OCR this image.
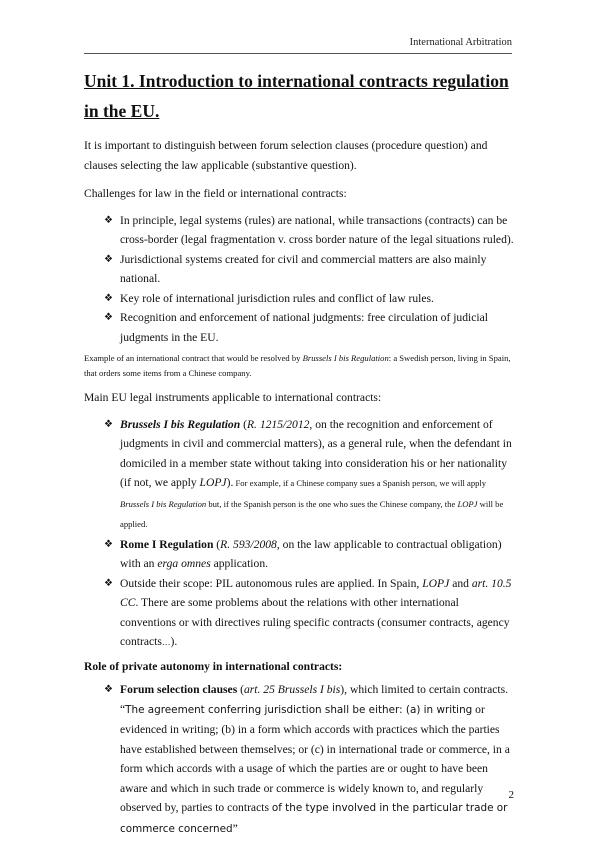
International Arbitration
Unit 1. Introduction to international contracts regulation in the EU.

It is important to distinguish between forum selection clauses (procedure question) and clauses selecting the law applicable (substantive question).

Challenges for law in the field or international contracts:

❖ In principle, legal systems (rules) are national, while transactions (contracts) can be cross-border (legal fragmentation v. cross border nature of the legal situations ruled).
❖ Jurisdictional systems created for civil and commercial matters are also mainly national.
❖ Key role of international jurisdiction rules and conflict of law rules.
❖ Recognition and enforcement of national judgments: free circulation of judicial judgments in the EU.

Example of an international contract that would be resolved by Brussels I bis Regulation: a Swedish person, living in Spain, that orders some items from a Chinese company.

Main EU legal instruments applicable to international contracts:

❖ Brussels I bis Regulation (R. 1215/2012, on the recognition and enforcement of judgments in civil and commercial matters), as a general rule, when the defendant in domiciled in a member state without taking into consideration his or her nationality (if not, we apply LOPJ). For example, if a Chinese company sues a Spanish person, we will apply Brussels I bis Regulation but, if the Spanish person is the one who sues the Chinese company, the LOPJ will be applied.
❖ Rome I Regulation (R. 593/2008, on the law applicable to contractual obligation) with an erga omnes application.
❖ Outside their scope: PIL autonomous rules are applied. In Spain, LOPJ and art. 10.5 CC. There are some problems about the relations with other international conventions or with directives ruling specific contracts (consumer contracts, agency contracts…).

Role of private autonomy in international contracts:

❖ Forum selection clauses (art. 25 Brussels I bis), which limited to certain contracts.
“The agreement conferring jurisdiction shall be either: (a) in writing or evidenced in writing; (b) in a form which accords with practices which the parties have established between themselves; or (c) in international trade or commerce, in a form which accords with a usage of which the parties are or ought to have been aware and which in such trade or commerce is widely known to, and regularly observed by, parties to contracts of the type involved in the particular trade or commerce concerned”
2
